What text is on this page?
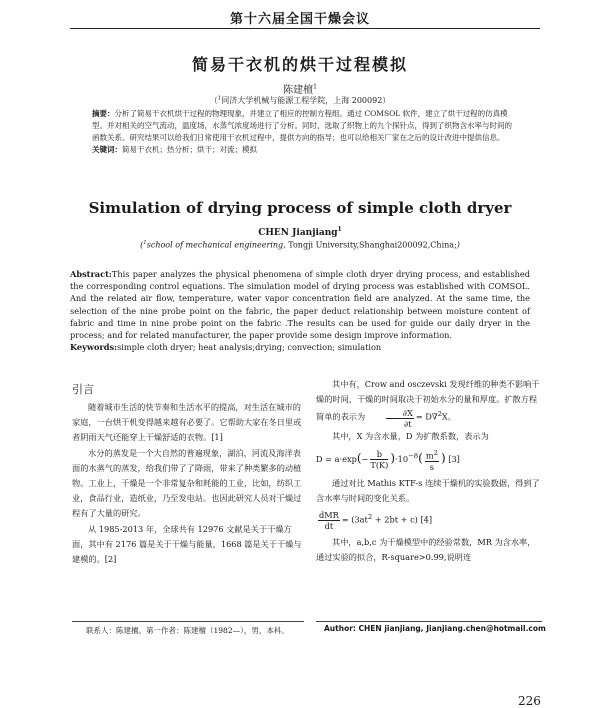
第十六届全国干燥会议
简易干衣机的烘干过程模拟
陈建檀$^1$
（$^1$同济大学机械与能源工程学院，上海 200092）
摘要：分析了简易干衣机烘干过程的物理现象，并建立了相应的控制方程组。通过 COMSOL 软件，建立了烘干过程的仿真模型。并对相关的空气流动，温度场，水蒸气浓度场进行了分析。同时，选取了织物上的九个探针点，得到了织物含水率与时间的函数关系。研究结果可以给我们日常使用干衣机过程中，提供方向的指导；也可以给相关厂家在之后的设计改进中提供信息。
关键词：简易干衣机；热分析；烘干；对流；模拟
Simulation of drying process of simple cloth dryer
CHEN Jianjiang$^1$
($^1$school of mechanical engineering, Tongji University,Shanghai200092,China;)
Abstract:This paper analyzes the physical phenomena of simple cloth dryer drying process, and established the corresponding control equations. The simulation model of drying process was established with COMSOL. And the related air flow, temperature, water vapor concentration field are analyzed. At the same time, the selection of the nine probe point on the fabric, the paper deduct relationship between moisture content of fabric and time in nine probe point on the fabric .The results can be used for guide our daily dryer in the process; and for related manufacturer, the paper provide some design improve information.
Keywords:simple cloth dryer; heat analysis;drying; convection; simulation
引言

随着城市生活的快节奏和生活水平的提高，对生活在城市的家庭，一台烘干机变得越来越有必要了。它帮助大家在冬日里或者阴雨天气还能穿上干燥舒适的衣物。[1]

水分的蒸发是一个大自然的普遍现象，湖泊，河流及海洋表面的水蒸气的蒸发，给我们带了了降雨，带来了种类繁多的动植物。工业上，干燥是一个非常复杂和耗能的工业，比如，纺织工业，食品行业，造纸业，乃至发电站。也因此研究人员对干燥过程有了大量的研究。

从 1985-2013 年，全球共有 12976 文献是关于干燥方面，其中有 2176 篇是关于干燥与能量，1668 篇是关于干燥与建模的。[2]

其中有，Crow and osczevski 发现纤维的种类不影响干燥的时间，干燥的时间取决于初始水分的量和厚度。扩散方程简单的表示为	$\frac{\partial X}{\partial t} = D\nabla^2X$。

其中，X 为含水量，D 为扩散系数，表示为

$D = a\cdot\exp(- \frac{b}{T(K)} )\cdot 10^{-8}( \frac{m^2}{s}$ ) [3]

通过对比 Mathis KTF-s 连续干燥机的实验数据，得到了含水率与时间的变化关系。

$\frac{\text{dMR}}{dt} = (3at^2 + 2bt + c)$ [4]

其中，a,b,c 为干燥模型中的经验常数，MR 为含水率，通过实验的拟合，R-square>0.99,说明连

联系人：陈建檀。第一作者：陈建檀（1982—），男，本科。	Author: CHEN jianjiang, Jianjiang.chen@hotmail.com
226
